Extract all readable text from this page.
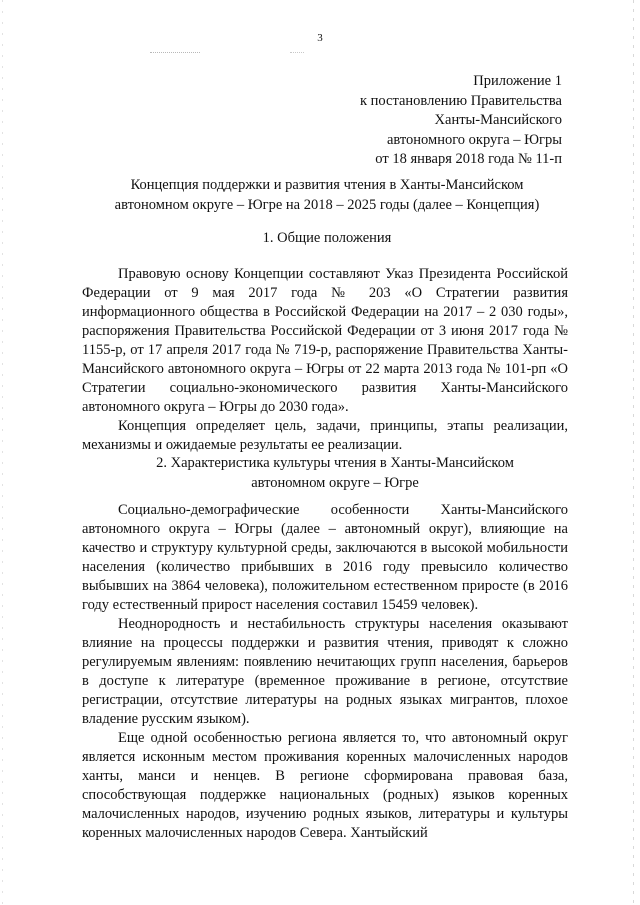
3
Приложение 1
к постановлению Правительства
Ханты-Мансийского
автономного округа – Югры
от 18 января 2018 года № 11-п
Концепция поддержки и развития чтения в Ханты-Мансийском
автономном округе – Югре на 2018 – 2025 годы (далее – Концепция)
1. Общие положения

Правовую основу Концепции составляют Указ Президента Российской Федерации от 9 мая 2017 года № 203 «О Стратегии развития информационного общества в Российской Федерации на 2017 – 2 030 годы», распоряжения Правительства Российской Федерации от 3 июня 2017 года № 1155-р, от 17 апреля 2017 года № 719-р, распоряжение Правительства Ханты-Мансийского автономного округа – Югры от 22 марта 2013 года № 101-рп «О Стратегии социально-экономического развития Ханты-Мансийского автономного округа – Югры до 2030 года».

Концепция определяет цель, задачи, принципы, этапы реализации, механизмы и ожидаемые результаты ее реализации.

2. Характеристика культуры чтения в Ханты-Мансийском
автономном округе – Югре

Социально-демографические особенности Ханты-Мансийского автономного округа – Югры (далее – автономный округ), влияющие на качество и структуру культурной среды, заключаются в высокой мобильности населения (количество прибывших в 2016 году превысило количество выбывших на 3864 человека), положительном естественном приросте (в 2016 году естественный прирост населения составил 15459 человек).

Неоднородность и нестабильность структуры населения оказывают влияние на процессы поддержки и развития чтения, приводят к сложно регулируемым явлениям: появлению нечитающих групп населения, барьеров в доступе к литературе (временное проживание в регионе, отсутствие регистрации, отсутствие литературы на родных языках мигрантов, плохое владение русским языком).

Еще одной особенностью региона является то, что автономный округ является исконным местом проживания коренных малочисленных народов ханты, манси и ненцев. В регионе сформирована правовая база, способствующая поддержке национальных (родных) языков коренных малочисленных народов, изучению родных языков, литературы и культуры коренных малочисленных народов Севера. Хантыйский
